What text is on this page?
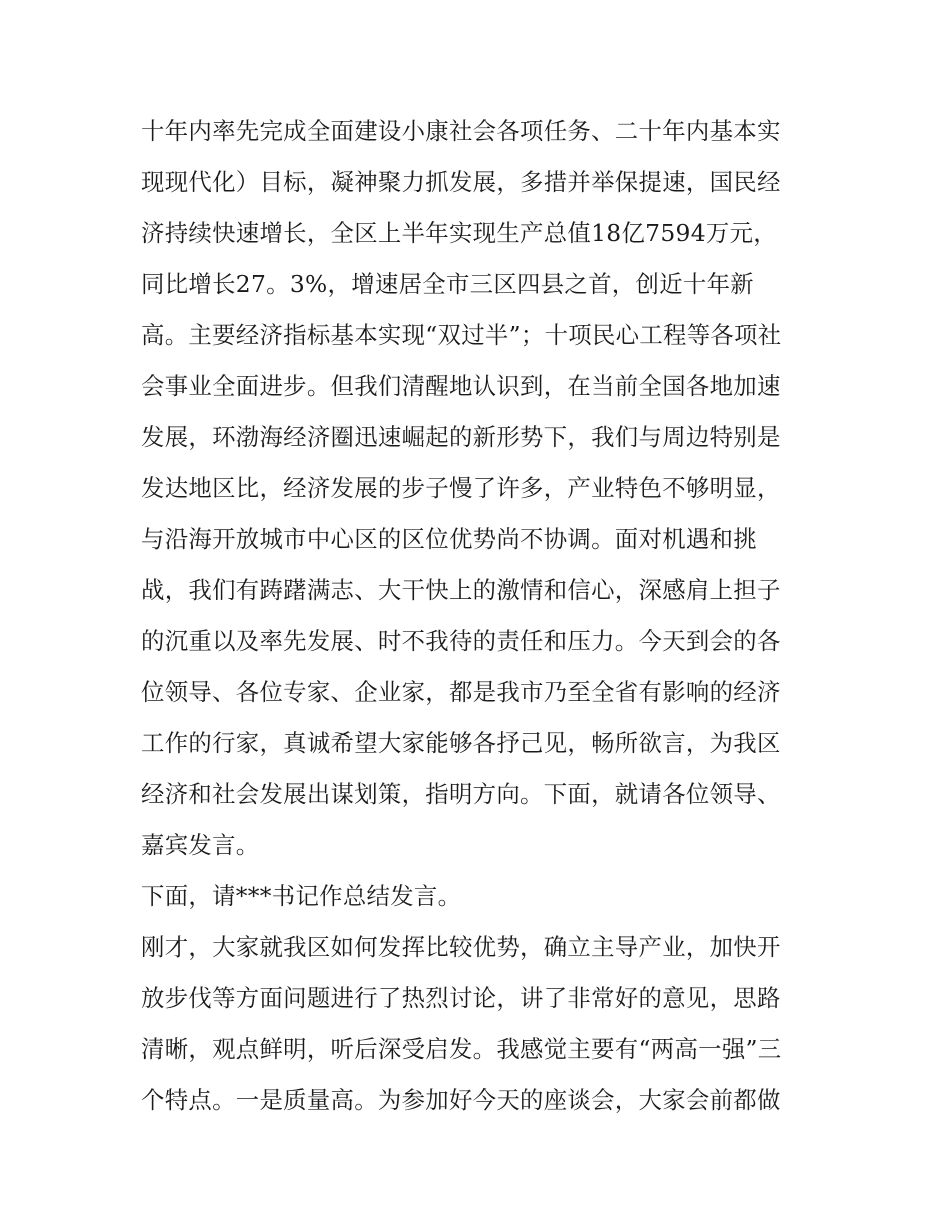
十年内率先完成全面建设小康社会各项任务、二十年内基本实
现现代化）目标，凝神聚力抓发展，多措并举保提速，国民经
济持续快速增长，全区上半年实现生产总值18亿7594万元，
同比增长27。3%，增速居全市三区四县之首，创近十年新
高。主要经济指标基本实现“双过半”；十项民心工程等各项社
会事业全面进步。但我们清醒地认识到，在当前全国各地加速
发展，环渤海经济圈迅速崛起的新形势下，我们与周边特别是
发达地区比，经济发展的步子慢了许多，产业特色不够明显，
与沿海开放城市中心区的区位优势尚不协调。面对机遇和挑
战，我们有踌躇满志、大干快上的激情和信心，深感肩上担子
的沉重以及率先发展、时不我待的责任和压力。今天到会的各
位领导、各位专家、企业家，都是我市乃至全省有影响的经济
工作的行家，真诚希望大家能够各抒己见，畅所欲言，为我区
经济和社会发展出谋划策，指明方向。下面，就请各位领导、
嘉宾发言。
下面，请***书记作总结发言。
刚才，大家就我区如何发挥比较优势，确立主导产业，加快开
放步伐等方面问题进行了热烈讨论，讲了非常好的意见，思路
清晰，观点鲜明，听后深受启发。我感觉主要有“两高一强”三
个特点。一是质量高。为参加好今天的座谈会，大家会前都做
